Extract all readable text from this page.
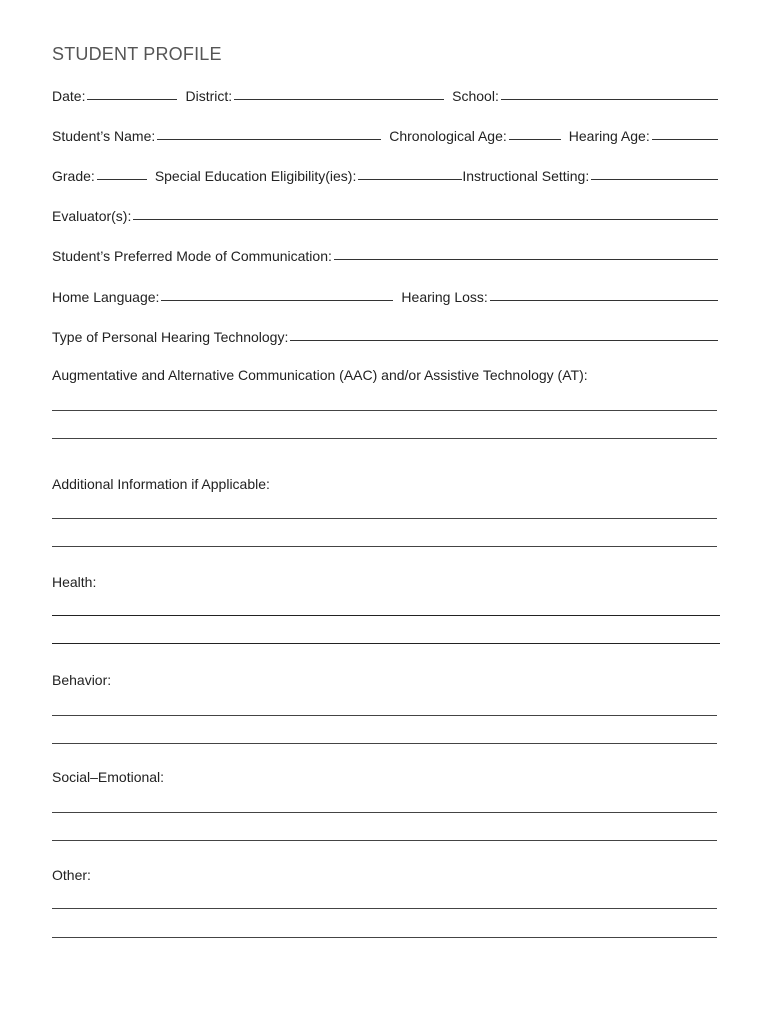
STUDENT PROFILE
Date:	District:	School:
Student’s Name:	Chronological Age:	Hearing Age:
Grade:	Special Education Eligibility(ies):	Instructional Setting:
Evaluator(s):
Student’s Preferred Mode of Communication:
Home Language:	Hearing Loss:
Type of Personal Hearing Technology:
Augmentative and Alternative Communication (AAC) and/or Assistive Technology (AT):
Additional Information if Applicable:
Health:
Behavior:
Social–Emotional:
Other:
